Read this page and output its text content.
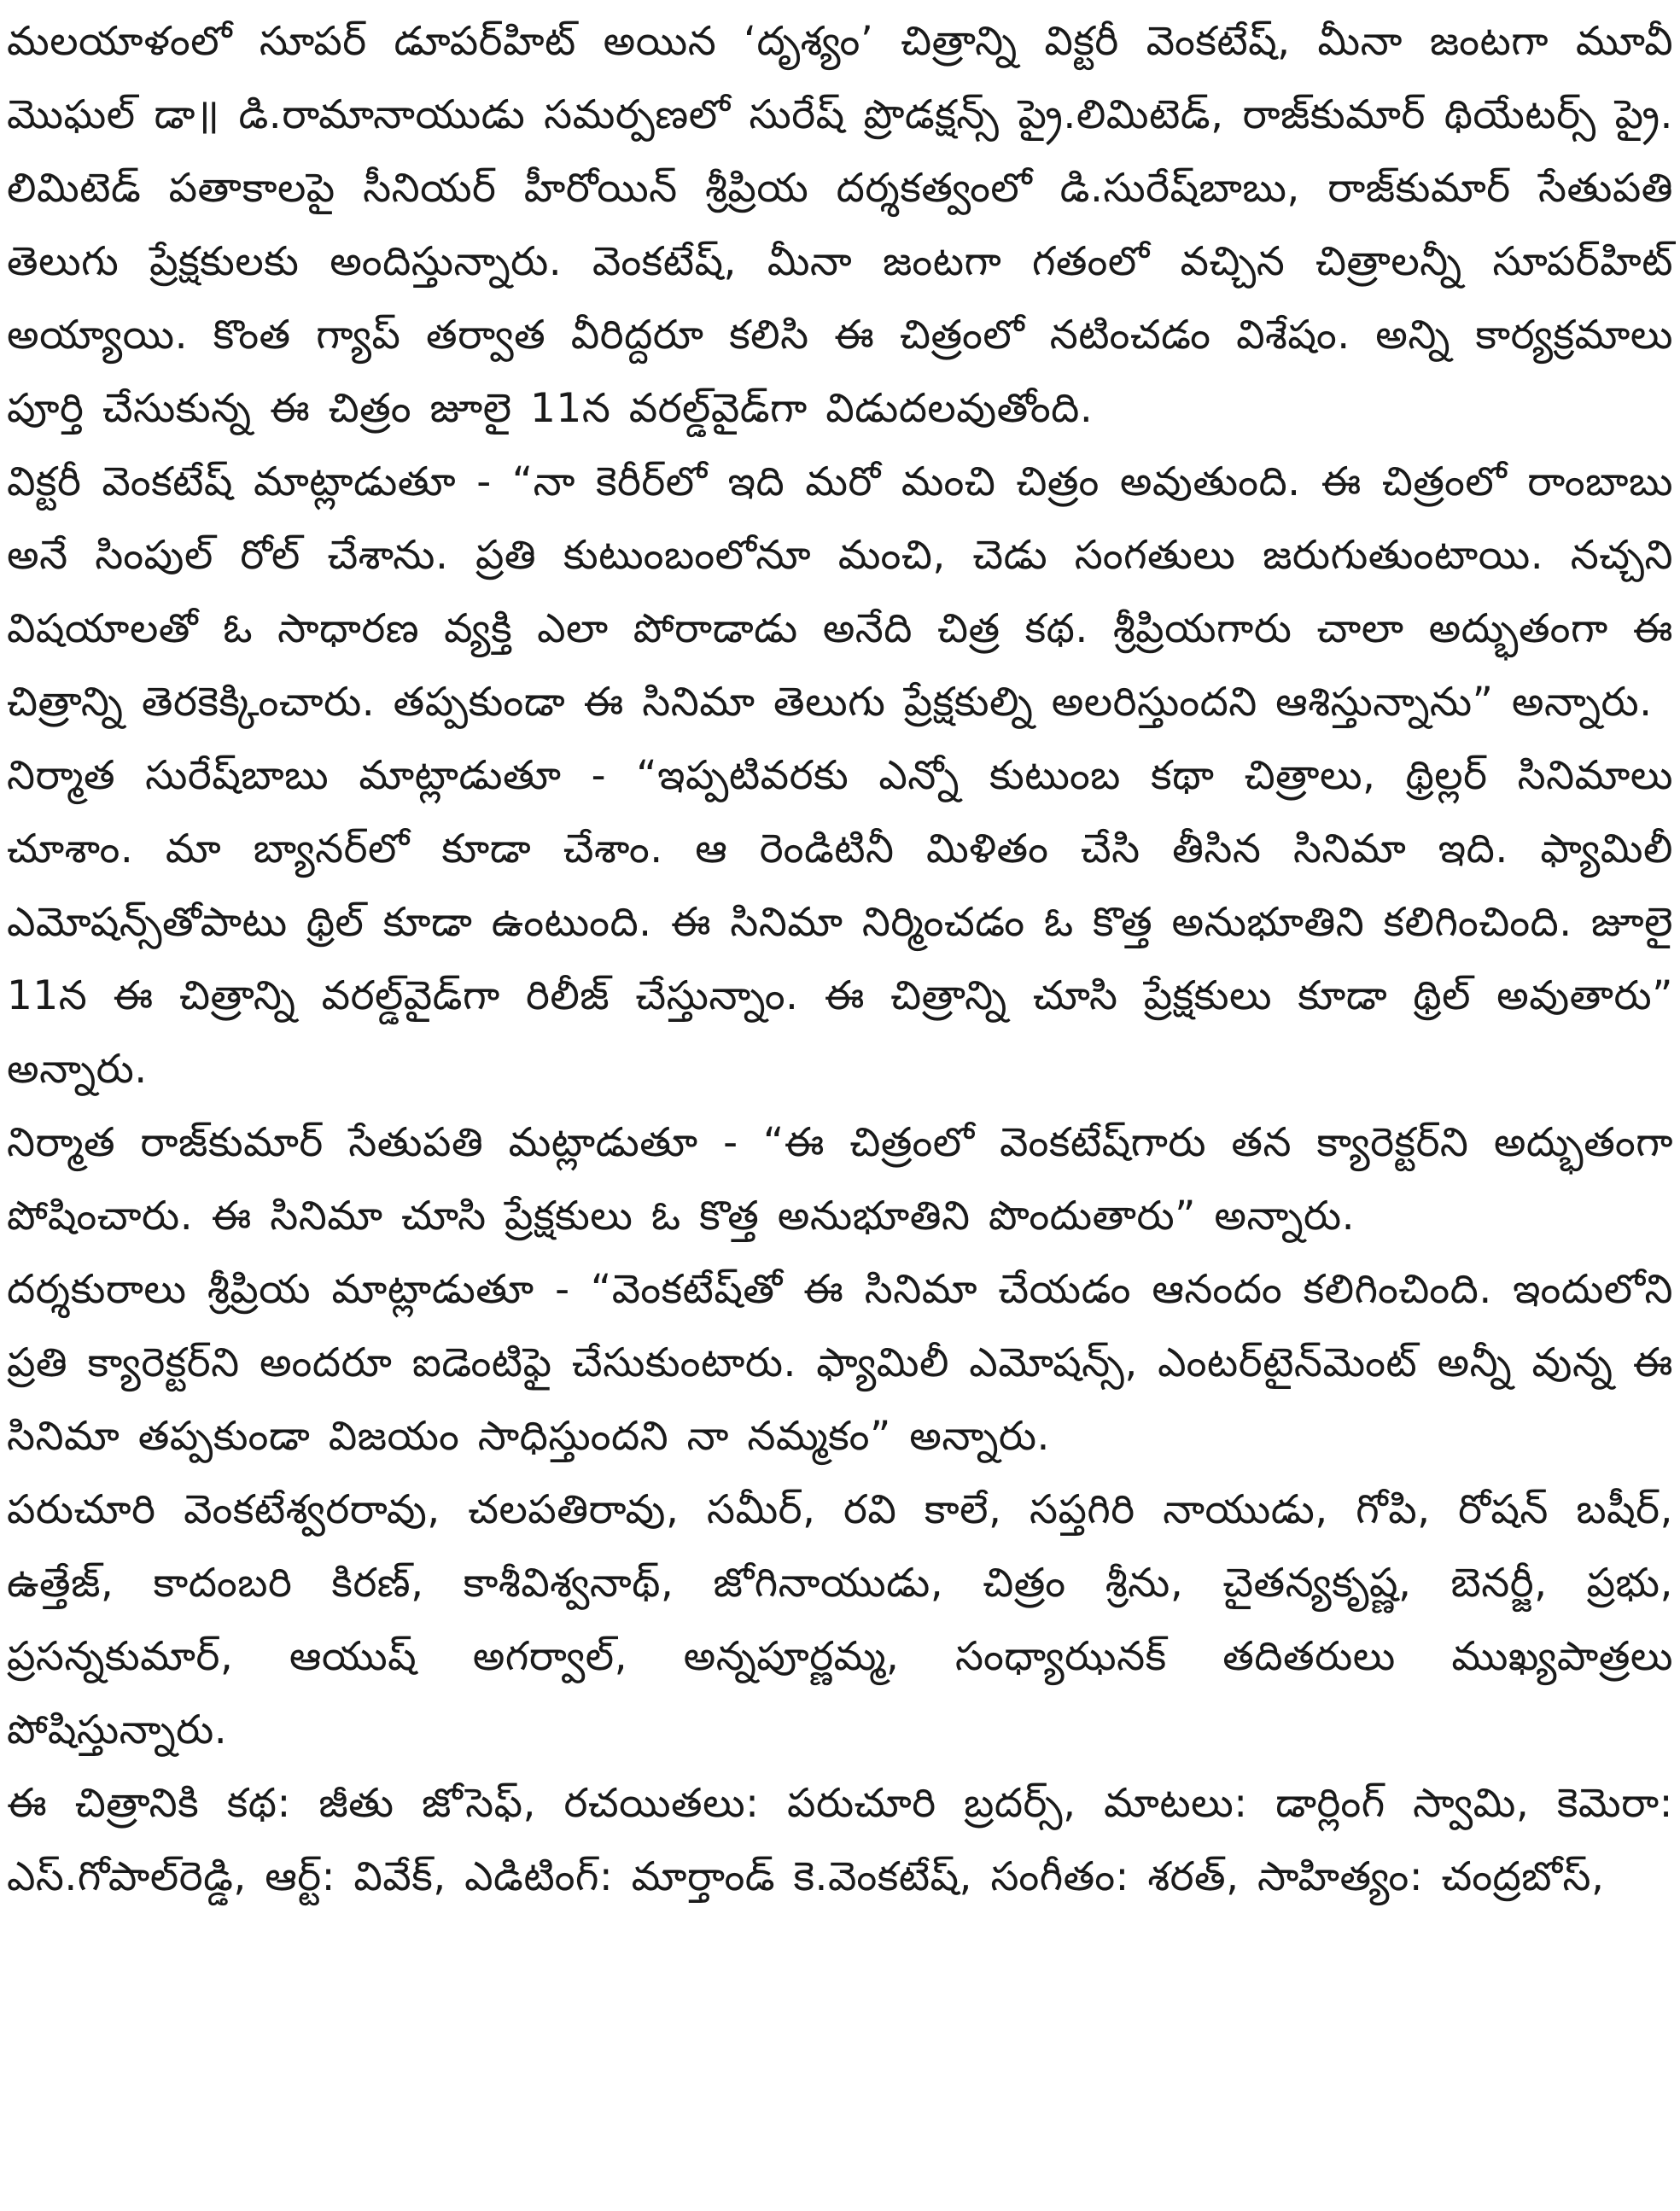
మలయాళంలో సూపర్ డూపర్‌హిట్ అయిన ‘దృశ్యం’ చిత్రాన్ని విక్టరీ వెంకటేష్, మీనా జంటగా మూవీ మొఘల్ డా॥ డి.రామానాయుడు సమర్పణలో సురేష్ ప్రొడక్షన్స్ ప్రై.లిమిటెడ్, రాజ్‌కుమార్ థియేటర్స్ ప్రై. లిమిటెడ్ పతాకాలపై సీనియర్ హీరోయిన్ శ్రీప్రియ దర్శకత్వంలో డి.సురేష్‌బాబు, రాజ్‌కుమార్ సేతుపతి తెలుగు ప్రేక్షకులకు అందిస్తున్నారు. వెంకటేష్, మీనా జంటగా గతంలో వచ్చిన చిత్రాలన్నీ సూపర్‌హిట్ అయ్యాయి. కొంత గ్యాప్ తర్వాత వీరిద్దరూ కలిసి ఈ చిత్రంలో నటించడం విశేషం. అన్ని కార్యక్రమాలు పూర్తి చేసుకున్న ఈ చిత్రం జూలై 11న వరల్డ్‌వైడ్‌గా విడుదలవుతోంది.

విక్టరీ వెంకటేష్ మాట్లాడుతూ - “నా కెరీర్‌లో ఇది మరో మంచి చిత్రం అవుతుంది. ఈ చిత్రంలో రాంబాబు అనే సింపుల్ రోల్ చేశాను. ప్రతి కుటుంబంలోనూ మంచి, చెడు సంగతులు జరుగుతుంటాయి. నచ్చని విషయాలతో ఓ సాధారణ వ్యక్తి ఎలా పోరాడాడు అనేది చిత్ర కథ. శ్రీప్రియగారు చాలా అద్భుతంగా ఈ చిత్రాన్ని తెరకెక్కించారు. తప్పకుండా ఈ సినిమా తెలుగు ప్రేక్షకుల్ని అలరిస్తుందని ఆశిస్తున్నాను” అన్నారు.

నిర్మాత సురేష్‌బాబు మాట్లాడుతూ - “ఇప్పటివరకు ఎన్నో కుటుంబ కథా చిత్రాలు, థ్రిల్లర్ సినిమాలు చూశాం. మా బ్యానర్‌లో కూడా చేశాం. ఆ రెండిటినీ మిళితం చేసి తీసిన సినిమా ఇది. ఫ్యామిలీ ఎమోషన్స్‌తోపాటు థ్రిల్ కూడా ఉంటుంది. ఈ సినిమా నిర్మించడం ఓ కొత్త అనుభూతిని కలిగించింది. జూలై 11న ఈ చిత్రాన్ని వరల్డ్‌వైడ్‌గా రిలీజ్ చేస్తున్నాం. ఈ చిత్రాన్ని చూసి ప్రేక్షకులు కూడా థ్రిల్ అవుతారు” అన్నారు.

నిర్మాత రాజ్‌కుమార్ సేతుపతి మట్లాడుతూ - “ఈ చిత్రంలో వెంకటేష్‌గారు తన క్యారెక్టర్‌ని అద్భుతంగా పోషించారు. ఈ సినిమా చూసి ప్రేక్షకులు ఓ కొత్త అనుభూతిని పొందుతారు” అన్నారు.

దర్శకురాలు శ్రీప్రియ మాట్లాడుతూ - “వెంకటేష్‌తో ఈ సినిమా చేయడం ఆనందం కలిగించింది. ఇందులోని ప్రతి క్యారెక్టర్‌ని అందరూ ఐడెంటిఫై చేసుకుంటారు. ఫ్యామిలీ ఎమోషన్స్, ఎంటర్‌టైన్‌మెంట్ అన్నీ వున్న ఈ సినిమా తప్పకుండా విజయం సాధిస్తుందని నా నమ్మకం” అన్నారు.

పరుచూరి వెంకటేశ్వరరావు, చలపతిరావు, సమీర్, రవి కాలే, సప్తగిరి నాయుడు, గోపి, రోషన్ బషీర్, ఉత్తేజ్, కాదంబరి కిరణ్, కాశీవిశ్వనాథ్, జోగినాయుడు, చిత్రం శ్రీను, చైతన్యకృష్ణ, బెనర్జీ, ప్రభు, ప్రసన్నకుమార్, ఆయుష్ అగర్వాల్, అన్నపూర్ణమ్మ, సంధ్యాఝనక్ తదితరులు ముఖ్యపాత్రలు పోషిస్తున్నారు.

ఈ చిత్రానికి కథ: జీతు జోసెఫ్, రచయితలు: పరుచూరి బ్రదర్స్, మాటలు: డార్లింగ్ స్వామి, కెమెరా: ఎస్.గోపాల్‌రెడ్డి, ఆర్ట్: వివేక్, ఎడిటింగ్: మార్తాండ్ కె.వెంకటేష్, సంగీతం: శరత్, సాహిత్యం: చంద్రబోస్,
